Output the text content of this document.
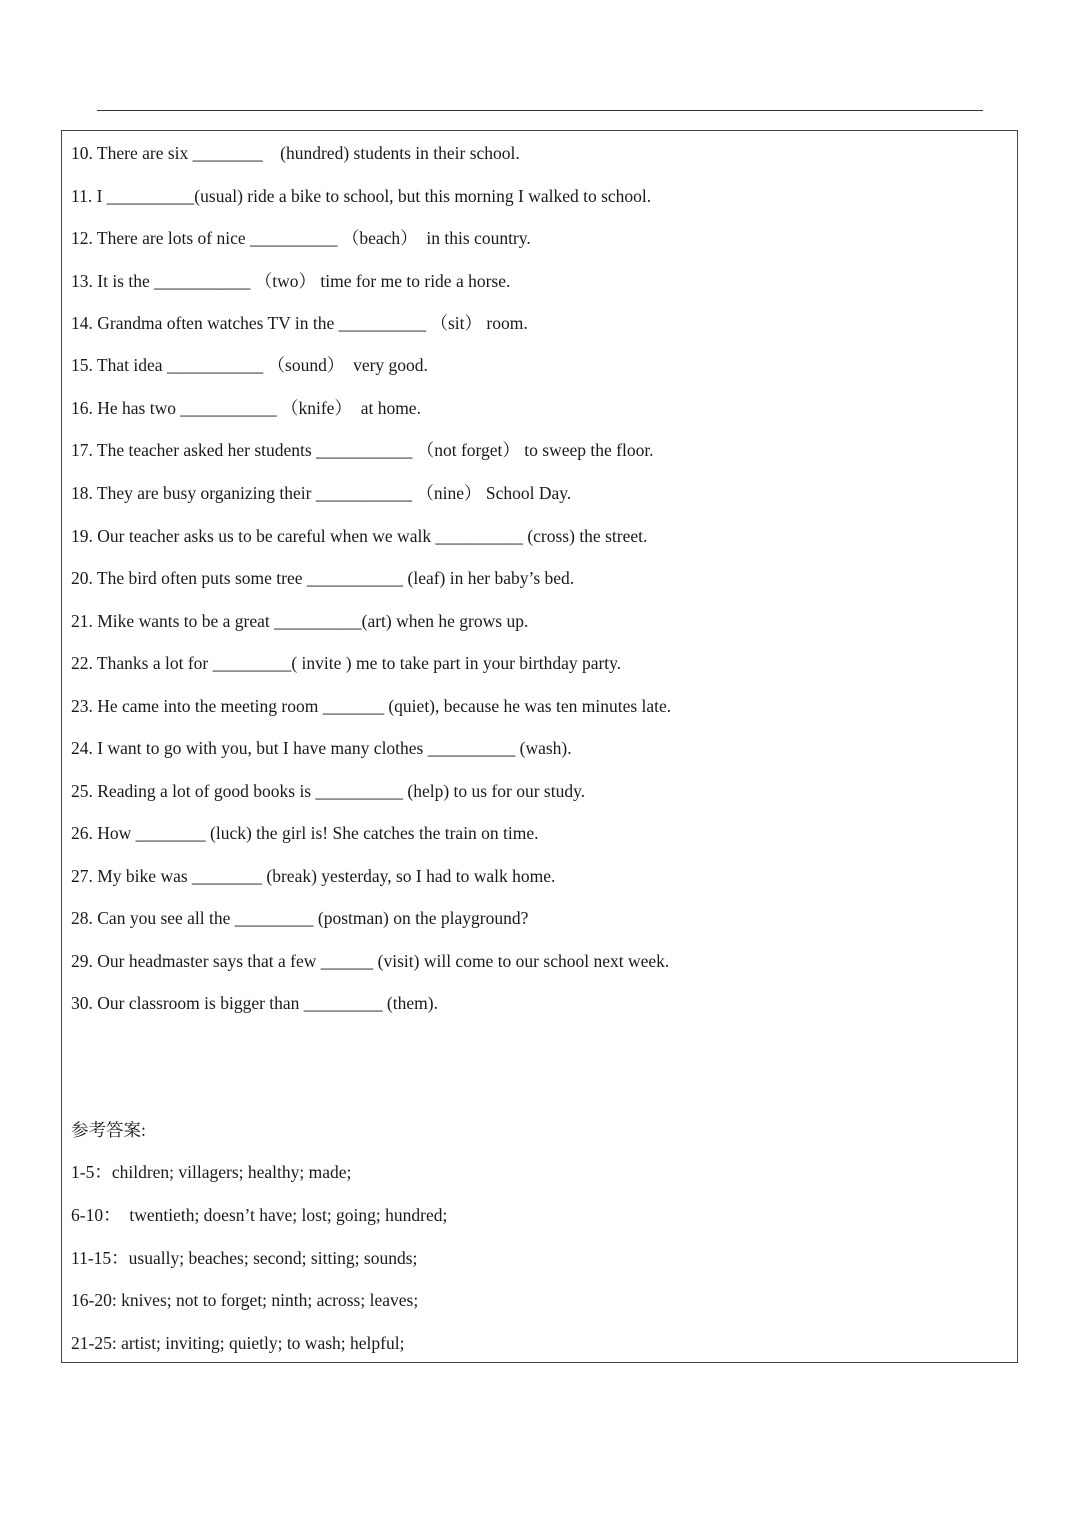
10. There are six ________    (hundred) students in their school.

11. I __________(usual) ride a bike to school, but this morning I walked to school.

12. There are lots of nice __________ （beach）  in this country.

13. It is the ___________ （two） time for me to ride a horse.

14. Grandma often watches TV in the __________ （sit） room.

15. That idea ___________ （sound）  very good.

16. He has two ___________ （knife）  at home.

17. The teacher asked her students ___________ （not forget） to sweep the floor.

18. They are busy organizing their ___________ （nine） School Day.

19. Our teacher asks us to be careful when we walk __________ (cross) the street.

20. The bird often puts some tree ___________ (leaf) in her baby’s bed.

21. Mike wants to be a great __________(art) when he grows up.

22. Thanks a lot for _________( invite ) me to take part in your birthday party.

23. He came into the meeting room _______ (quiet), because he was ten minutes late.

24. I want to go with you, but I have many clothes __________ (wash).

25. Reading a lot of good books is __________ (help) to us for our study.

26. How ________ (luck) the girl is! She catches the train on time.

27. My bike was ________ (break) yesterday, so I had to walk home.

28. Can you see all the _________ (postman) on the playground?

29. Our headmaster says that a few ______ (visit) will come to our school next week.

30. Our classroom is bigger than _________ (them).

参考答案:

1-5：children; villagers; healthy; made;

6-10：  twentieth; doesn’t have; lost; going; hundred;

11-15：usually; beaches; second; sitting; sounds;

16-20: knives; not to forget; ninth; across; leaves;

21-25: artist; inviting; quietly; to wash; helpful;
